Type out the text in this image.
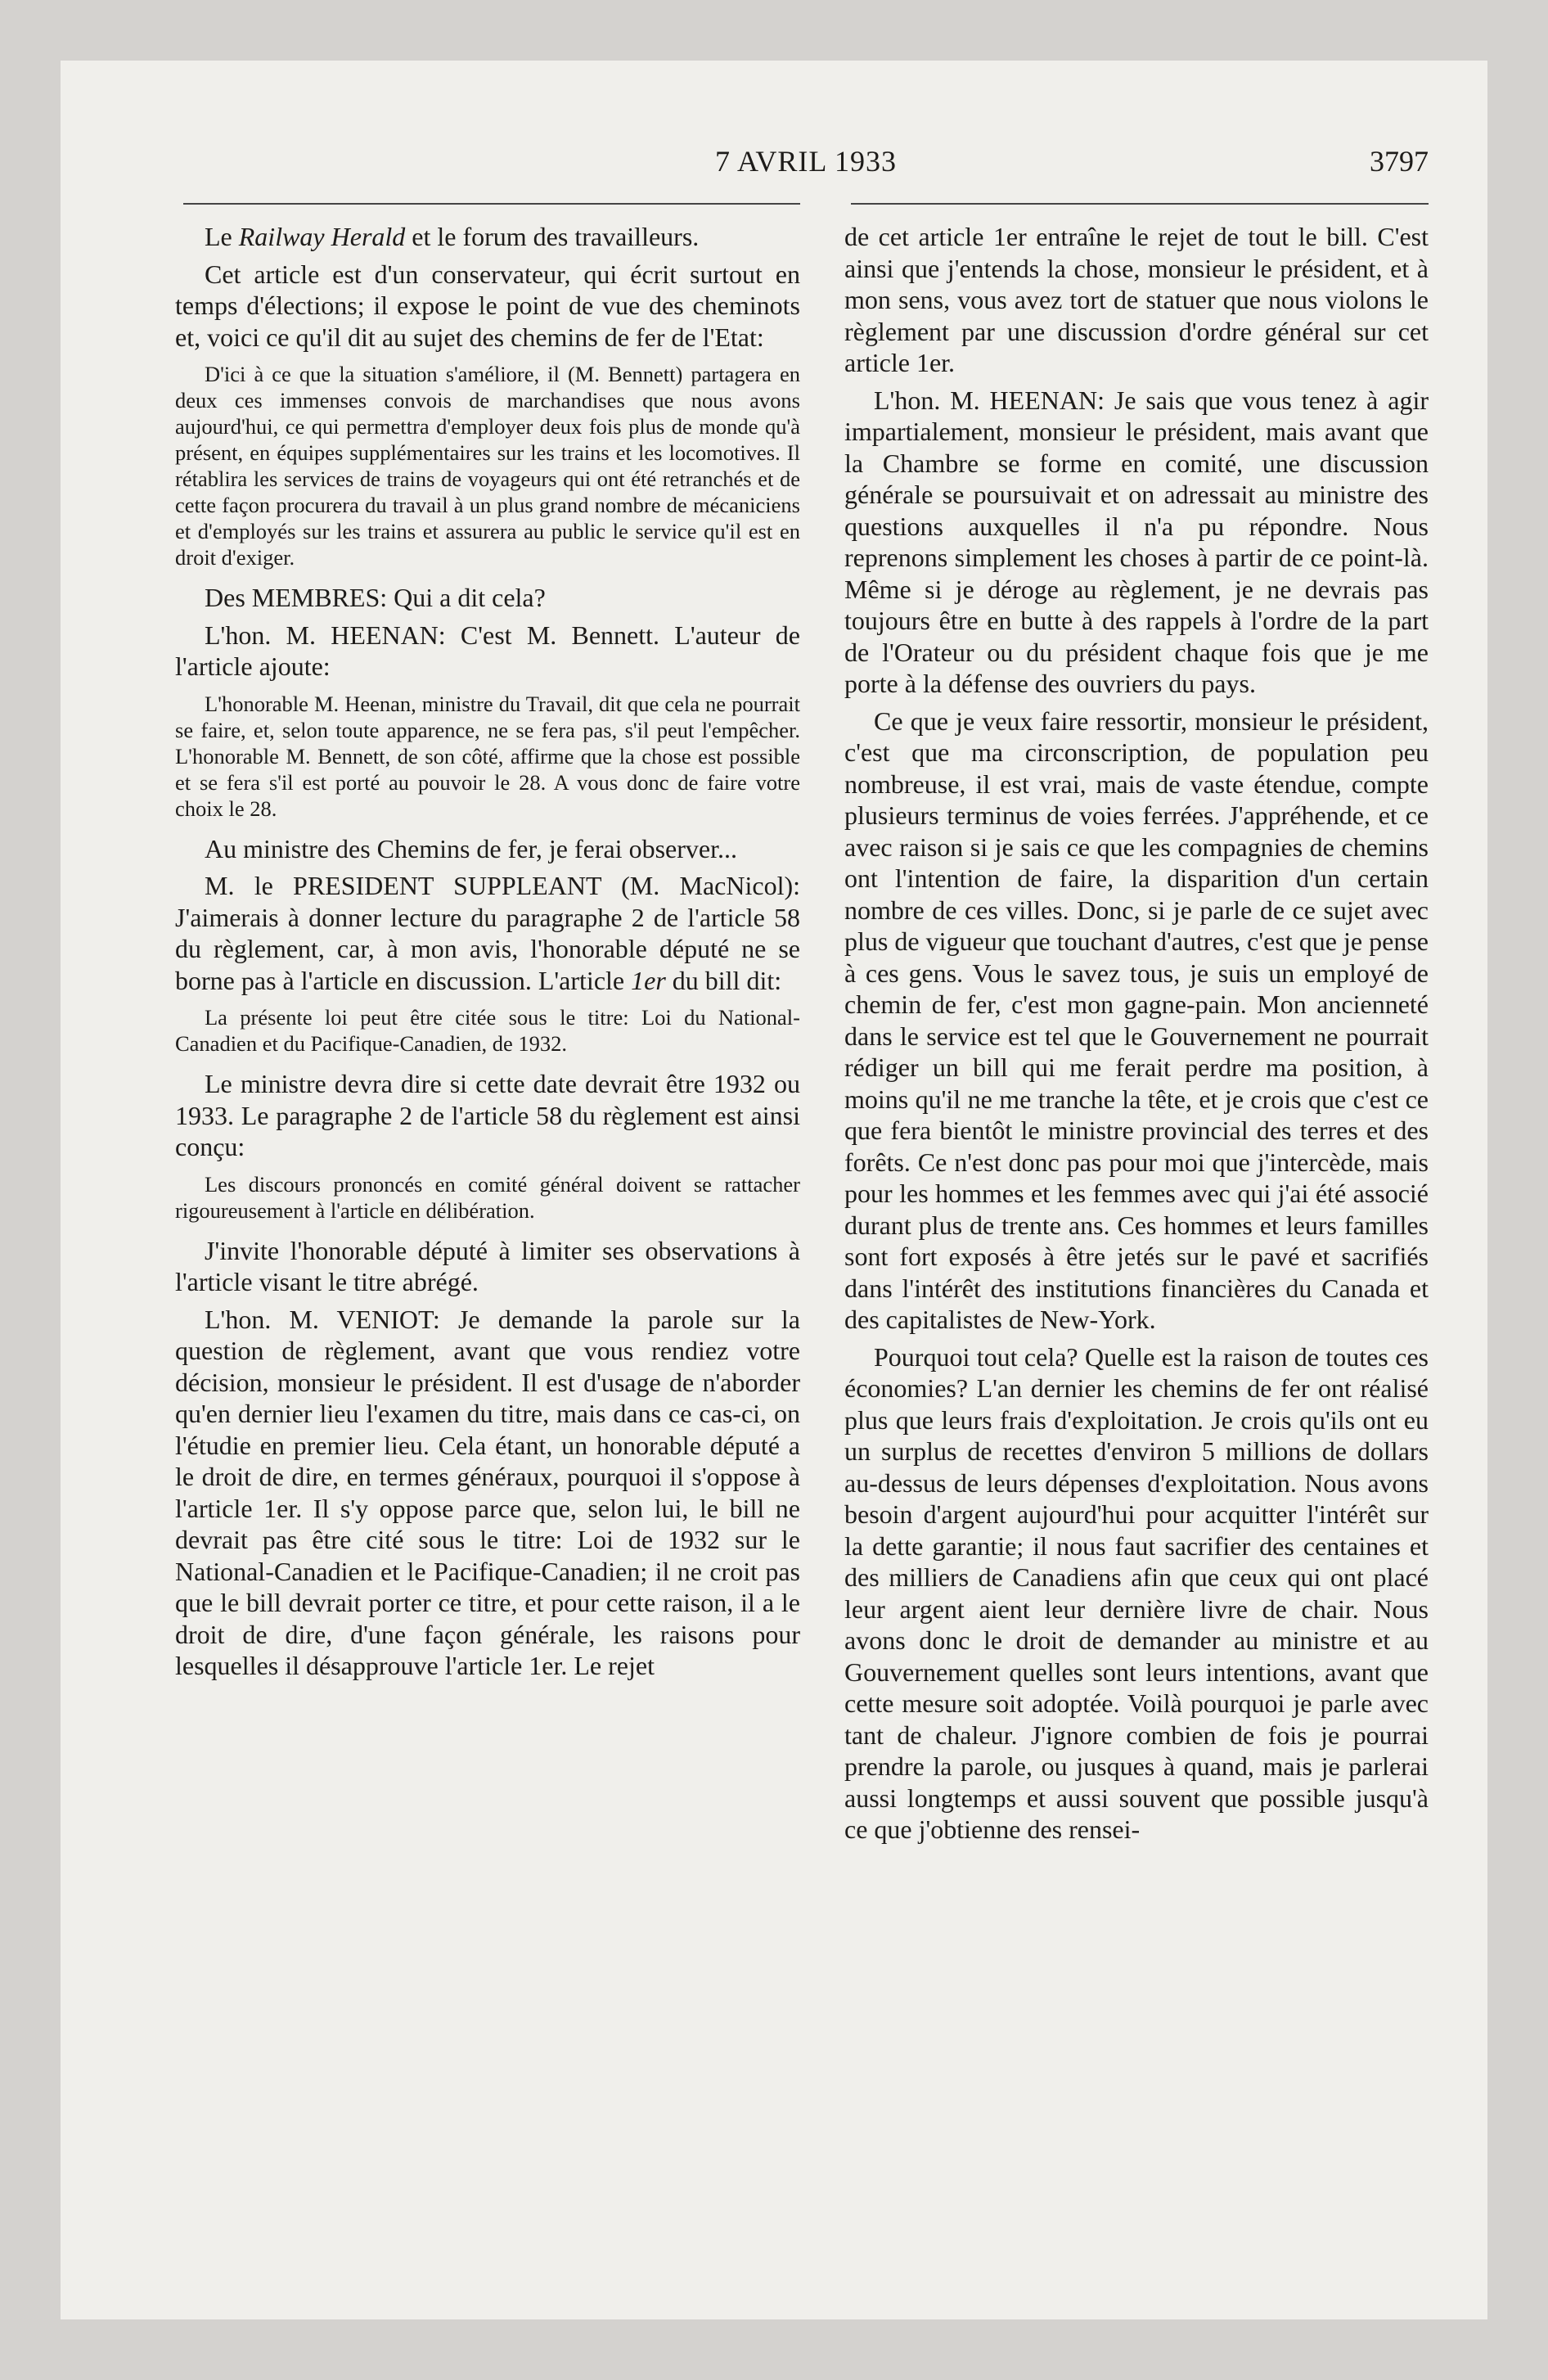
7 AVRIL 1933	3797

Le Railway Herald et le forum des travailleurs.

Cet article est d'un conservateur, qui écrit surtout en temps d'élections; il expose le point de vue des cheminots et, voici ce qu'il dit au sujet des chemins de fer de l'Etat:

D'ici à ce que la situation s'améliore, il (M. Bennett) partagera en deux ces immenses convois de marchandises que nous avons aujourd'hui, ce qui permettra d'employer deux fois plus de monde qu'à présent, en équipes supplémentaires sur les trains et les locomotives. Il rétablira les services de trains de voyageurs qui ont été retranchés et de cette façon procurera du travail à un plus grand nombre de mécaniciens et d'employés sur les trains et assurera au public le service qu'il est en droit d'exiger.

Des MEMBRES: Qui a dit cela?

L'hon. M. HEENAN: C'est M. Bennett. L'auteur de l'article ajoute:

L'honorable M. Heenan, ministre du Travail, dit que cela ne pourrait se faire, et, selon toute apparence, ne se fera pas, s'il peut l'empêcher. L'honorable M. Bennett, de son côté, affirme que la chose est possible et se fera s'il est porté au pouvoir le 28. A vous donc de faire votre choix le 28.

Au ministre des Chemins de fer, je ferai observer...

M. le PRESIDENT SUPPLEANT (M. MacNicol): J'aimerais à donner lecture du paragraphe 2 de l'article 58 du règlement, car, à mon avis, l'honorable député ne se borne pas à l'article en discussion. L'article 1er du bill dit:

La présente loi peut être citée sous le titre: Loi du National-Canadien et du Pacifique-Canadien, de 1932.

Le ministre devra dire si cette date devrait être 1932 ou 1933. Le paragraphe 2 de l'article 58 du règlement est ainsi conçu:

Les discours prononcés en comité général doivent se rattacher rigoureusement à l'article en délibération.

J'invite l'honorable député à limiter ses observations à l'article visant le titre abrégé.

L'hon. M. VENIOT: Je demande la parole sur la question de règlement, avant que vous rendiez votre décision, monsieur le président. Il est d'usage de n'aborder qu'en dernier lieu l'examen du titre, mais dans ce cas-ci, on l'étudie en premier lieu. Cela étant, un honorable député a le droit de dire, en termes généraux, pourquoi il s'oppose à l'article 1er. Il s'y oppose parce que, selon lui, le bill ne devrait pas être cité sous le titre: Loi de 1932 sur le National-Canadien et le Pacifique-Canadien; il ne croit pas que le bill devrait porter ce titre, et pour cette raison, il a le droit de dire, d'une façon générale, les raisons pour lesquelles il désapprouve l'article 1er. Le rejet

de cet article 1er entraîne le rejet de tout le bill. C'est ainsi que j'entends la chose, monsieur le président, et à mon sens, vous avez tort de statuer que nous violons le règlement par une discussion d'ordre général sur cet article 1er.

L'hon. M. HEENAN: Je sais que vous tenez à agir impartialement, monsieur le président, mais avant que la Chambre se forme en comité, une discussion générale se poursuivait et on adressait au ministre des questions auxquelles il n'a pu répondre. Nous reprenons simplement les choses à partir de ce point-là. Même si je déroge au règlement, je ne devrais pas toujours être en butte à des rappels à l'ordre de la part de l'Orateur ou du président chaque fois que je me porte à la défense des ouvriers du pays.

Ce que je veux faire ressortir, monsieur le président, c'est que ma circonscription, de population peu nombreuse, il est vrai, mais de vaste étendue, compte plusieurs terminus de voies ferrées. J'appréhende, et ce avec raison si je sais ce que les compagnies de chemins ont l'intention de faire, la disparition d'un certain nombre de ces villes. Donc, si je parle de ce sujet avec plus de vigueur que touchant d'autres, c'est que je pense à ces gens. Vous le savez tous, je suis un employé de chemin de fer, c'est mon gagne-pain. Mon ancienneté dans le service est tel que le Gouvernement ne pourrait rédiger un bill qui me ferait perdre ma position, à moins qu'il ne me tranche la tête, et je crois que c'est ce que fera bientôt le ministre provincial des terres et des forêts. Ce n'est donc pas pour moi que j'intercède, mais pour les hommes et les femmes avec qui j'ai été associé durant plus de trente ans. Ces hommes et leurs familles sont fort exposés à être jetés sur le pavé et sacrifiés dans l'intérêt des institutions financières du Canada et des capitalistes de New-York.

Pourquoi tout cela? Quelle est la raison de toutes ces économies? L'an dernier les chemins de fer ont réalisé plus que leurs frais d'exploitation. Je crois qu'ils ont eu un surplus de recettes d'environ 5 millions de dollars au-dessus de leurs dépenses d'exploitation. Nous avons besoin d'argent aujourd'hui pour acquitter l'intérêt sur la dette garantie; il nous faut sacrifier des centaines et des milliers de Canadiens afin que ceux qui ont placé leur argent aient leur dernière livre de chair. Nous avons donc le droit de demander au ministre et au Gouvernement quelles sont leurs intentions, avant que cette mesure soit adoptée. Voilà pourquoi je parle avec tant de chaleur. J'ignore combien de fois je pourrai prendre la parole, ou jusques à quand, mais je parlerai aussi longtemps et aussi souvent que possible jusqu'à ce que j'obtienne des rensei-
